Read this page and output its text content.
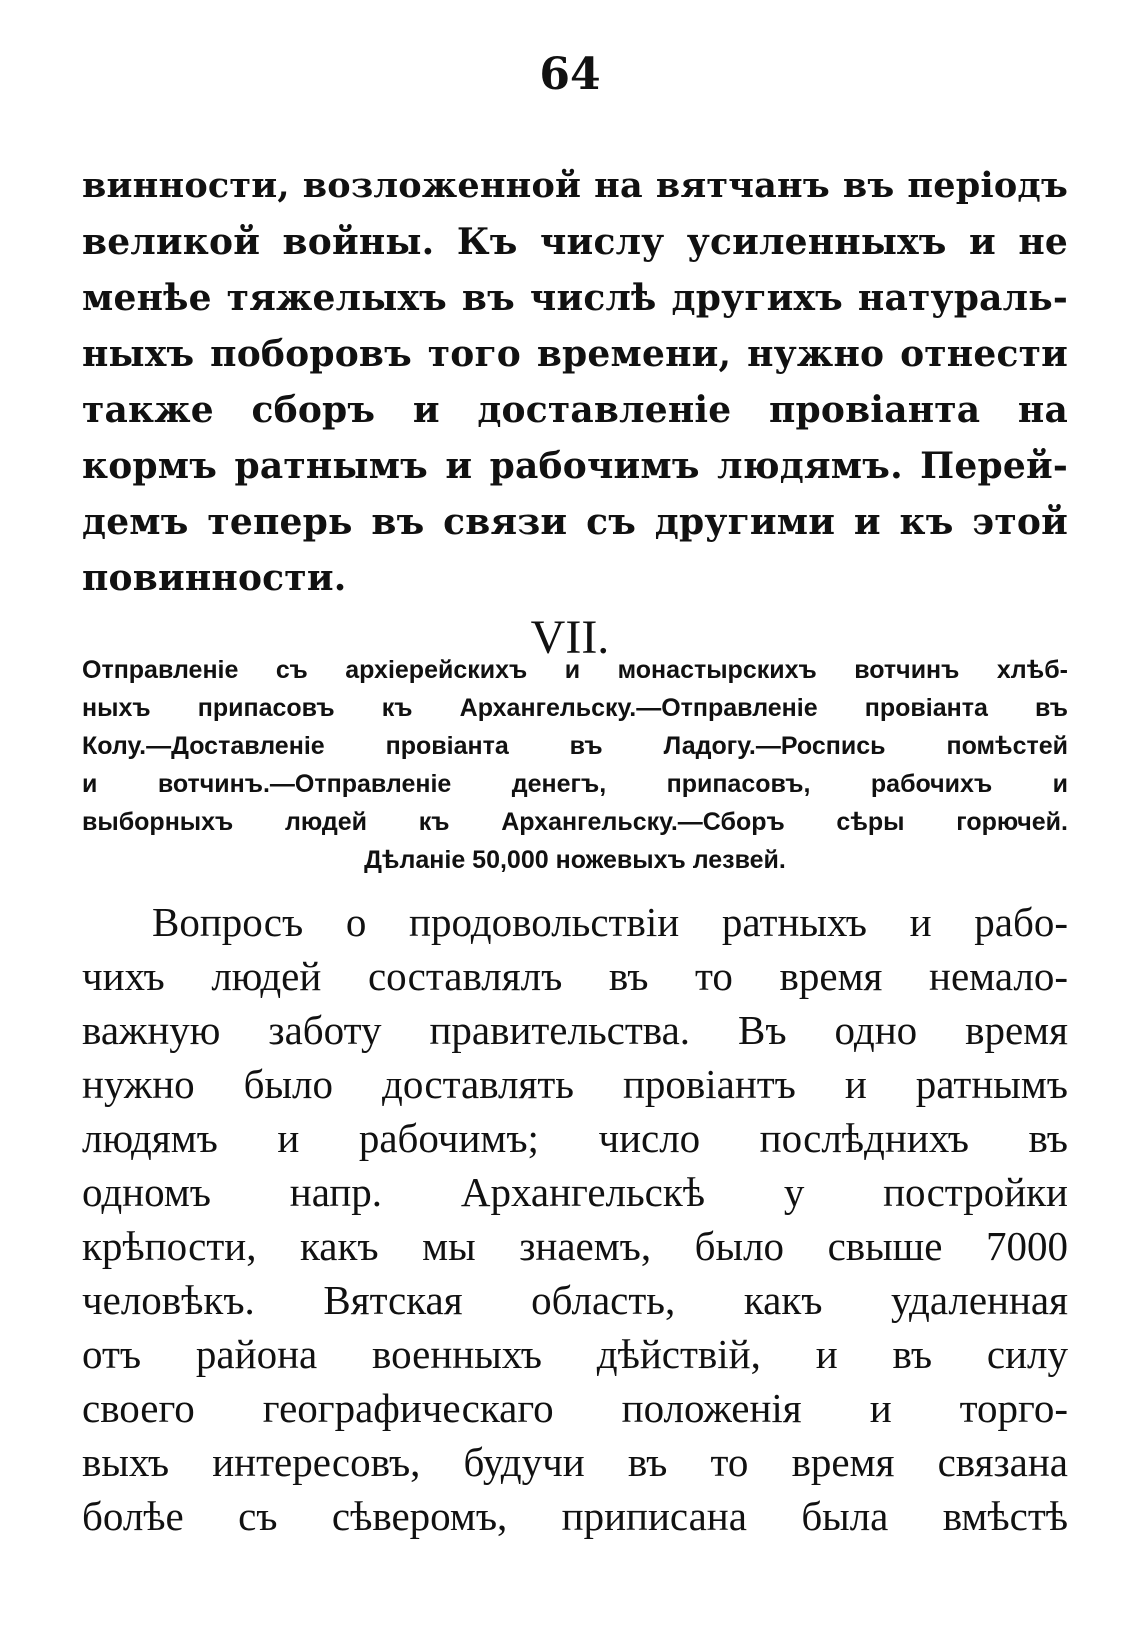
64
винности, возложенной на вятчанъ въ періодъ
великой войны. Къ числу усиленныхъ и не
менѣе тяжелыхъ въ числѣ другихъ натураль-
ныхъ поборовъ того времени, нужно отнести
также сборъ и доставленіе провіанта на
кормъ ратнымъ и рабочимъ людямъ. Перей-
демъ теперь въ связи съ другими и къ этой
повинности.
VII.
Отправленіе съ архіерейскихъ и монастырскихъ вотчинъ хлѣб-
ныхъ припасовъ къ Архангельску.—Отправленіе провіанта въ
Колу.—Доставленіе провіанта въ Ладогу.—Роспись помѣстей
и вотчинъ.—Отправленіе денегъ, припасовъ, рабочихъ и
выборныхъ людей къ Архангельску.—Сборъ сѣры горючей.
Дѣланіе 50,000 ножевыхъ лезвей.
Вопросъ о продовольствіи ратныхъ и рабо-
чихъ людей составлялъ въ то время немало-
важную заботу правительства. Въ одно время
нужно было доставлять провіантъ и ратнымъ
людямъ и рабочимъ; число послѣднихъ въ
одномъ напр. Архангельскѣ у постройки
крѣпости, какъ мы знаемъ, было свыше 7000
человѣкъ. Вятская область, какъ удаленная
отъ района военныхъ дѣйствій, и въ силу
своего географическаго положенія и торго-
выхъ интересовъ, будучи въ то время связана
болѣе съ сѣверомъ, приписана была вмѣстѣ
